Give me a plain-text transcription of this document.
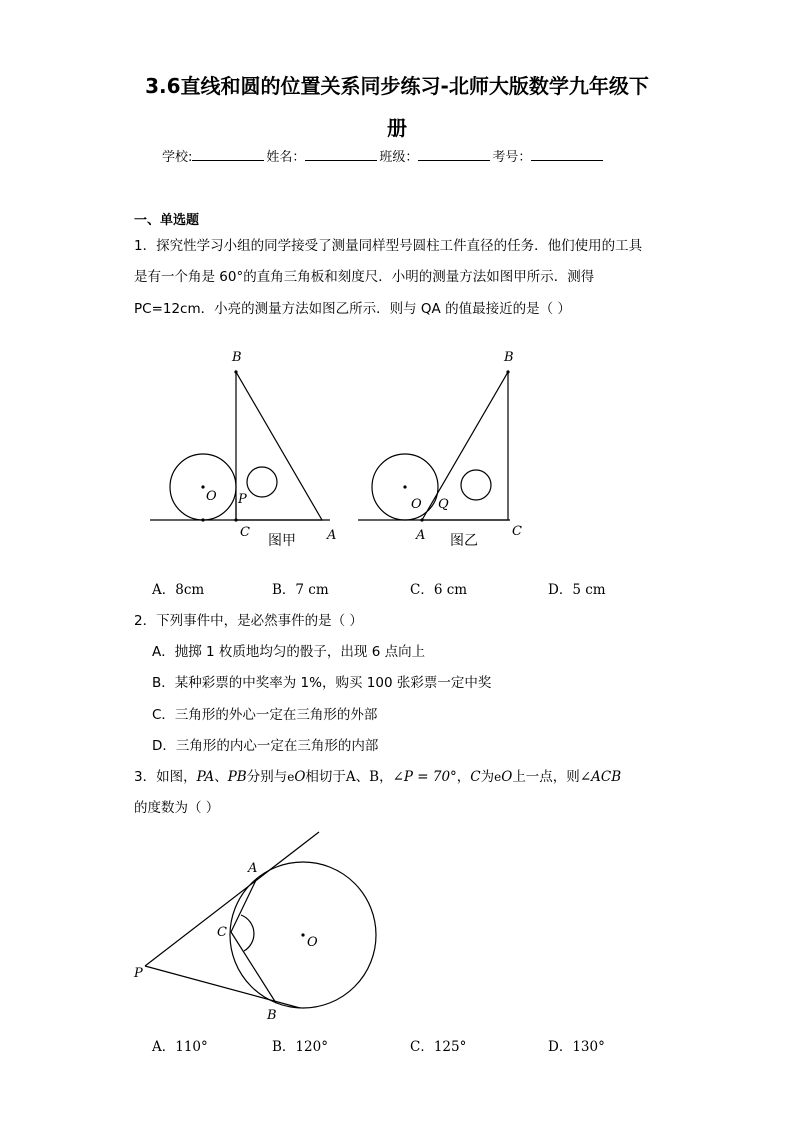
3.6直线和圆的位置关系同步练习-北师大版数学九年级下
册
学校:	姓名：	班级：	考号：
一、单选题
1．探究性学习小组的同学接受了测量同样型号圆柱工件直径的任务．他们使用的工具
是有一个角是 60°的直角三角板和刻度尺．小明的测量方法如图甲所示．测得
PC=12cm．小亮的测量方法如图乙所示．则与 QA 的值最接近的是（ ）
B
O P
C	A
图甲
B
O Q
A	C
图乙
A．8cm	B．7 cm	C．6 cm	D．5 cm
2．下列事件中，是必然事件的是（ ）
A．抛掷 1 枚质地均匀的骰子，出现 6 点向上
B．某种彩票的中奖率为 1%，购买 100 张彩票一定中奖
C．三角形的外心一定在三角形的外部
D．三角形的内心一定在三角形的内部
3．如图，PA、PB分别与eO相切于A、B，∠P = 70°，C为eO上一点，则∠ACB
的度数为（ ）
A
C
O
P
B
A．110°	B．120°	C．125°	D．130°
